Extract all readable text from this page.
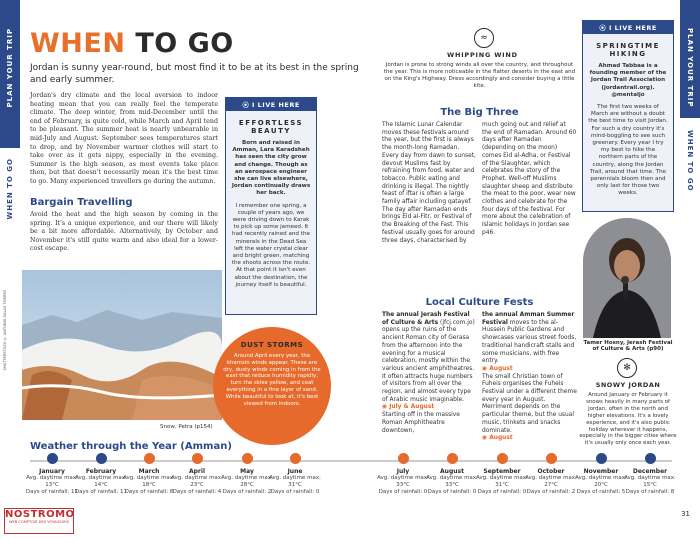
PLAN YOUR TRIP
WHEN TO GO
PLAN YOUR TRIP
WHEN TO GO
WHEN TO GO
Jordan is sunny year-round, but most find it to be at its best in the spring and early summer.
Jordan's dry climate and the local aversion to indoor heating mean that you can really feel the temperate climate. The deep winter, from mid-December until the end of February, is quite cold, while March and April tend to be pleasant. The summer heat is nearly unbearable in mid-July and August. September sees temperatures start to drop, and by November warmer clothes will start to take over as it gets nippy, especially in the evening. Summer is the high season, as most events take place then, but that doesn't necessarily mean it's the best time to go. Many experienced travellers go during the autumn.
Bargain Travelling
Avoid the heat and the high season by coming in the spring. It's a unique experience, and our there will likely be a bit more affordable. Alternatively, by October and November it's still quite warm and also ideal for a lower-cost escape.
SHUTTERSTOCK © ANTONIO SALAS TORRES
Snow, Petra (p154)
⦿ I LIVE HERE
EFFORTLESS BEAUTY
Born and raised in Amman, Lara Karadsheh has seen the city grow and change. Though as an aerospace engineer she can live elsewhere, Jordan continually draws her back.
I remember one spring, a couple of years ago, we were driving down to Karak to pick up some jameed. It had recently rained and the minerals in the Dead Sea left the water crystal clear and bright green, matching the shoots across the route. At that point it isn't even about the destination, the journey itself is beautiful.
DUST STORMS
Around April every year, the khamsin winds appear. These are dry, dusty winds coming in from the east that reduce humidity rapidly, turn the skies yellow, and coat everything in a fine layer of sand. While beautiful to look at, it's best viewed from indoors.
≈
WHIPPING WIND
Jordan is prone to strong winds all over the country, and throughout the year. This is more noticeable in the flatter deserts in the east and on the King's Highway. Dress accordingly and consider buying a little kite.
The Big Three
The Islamic Lunar Calendar moves these festivals around the year, but the first is always the month-long Ramadan. Every day from dawn to sunset, devout Muslims fast by refraining from food, water and tobacco. Public eating and drinking is illegal. The nightly feast of iftar is often a large family affair including qatayef. The day after Ramadan ends brings Eid al-Fitr, or Festival of the Breaking of the Fast. This festival usually goes for around three days, characterised by
much going out and relief at the end of Ramadan. Around 60 days after Ramadan (depending on the moon) comes Eid al-Adha, or Festival of the Slaughter, which celebrates the story of the Prophet. Well-off Muslims slaughter sheep and distribute the meat to the poor, wear new clothes and celebrate for the four days of the festival. For more about the celebration of Islamic holidays in Jordan see p46.
Local Culture Fests
The annual Jerash Festival of Culture & Arts (jfcj.com.jo) opens up the ruins of the ancient Roman city of Gerasa from the afternoon into the evening for a musical celebration, mostly within the various ancient amphitheatres. It often attracts huge numbers of visitors from all over the region, and almost every type of Arabic music imaginable.
◉ July & August
Starting off in the massive Roman Amphitheatre downtown,
the annual Amman Summer Festival moves to the al-Hussein Public Gardens and showcases various street foods, traditional handicraft stalls and some musicians, with free entry.
◉ August
The small Christian town of Fuheis organises the Fuheis Festival under a different theme every year in August. Merriment depends on the particular theme, but the usual music, trinkets and snacks dominate.
◉ August
⦿ I LIVE HERE
SPRINGTIME HIKING
Ahmad Tabbaa is a founding member of the Jordan Trail Association (jordantrail.org). @mentaljo
The first two weeks of March are without a doubt the best time to visit Jordan. For such a dry country it's mind-boggling to see such greenery. Every year I try my best to hike the northern parts of the country, along the Jordan Trail, around that time. The perennials bloom then and only last for those two weeks.
Tamer Hosny, Jerash Festival of Culture & Arts (p90)
✻
SNOWY JORDAN
Around January or February it snows heavily in many parts of Jordan, often in the north and higher elevations. It's a lovely experience, and it's also public holiday wherever it happens, especially in the bigger cities where it's usually only once each year.
Weather through the Year (Amman)
January
Avg. daytime max: 13°C
Days of rainfall: 11
February
Avg. daytime max: 14°C
Days of rainfall: 11
March
Avg. daytime max: 18°C
Days of rainfall: 8
April
Avg. daytime max: 23°C
Days of rainfall: 4
May
Avg. daytime max: 28°C
Days of rainfall: 2
June
Avg. daytime max: 31°C
Days of rainfall: 0
July
Avg. daytime max: 33°C
Days of rainfall: 0
August
Avg. daytime max: 33°C
Days of rainfall: 0
September
Avg. daytime max: 31°C
Days of rainfall: 0
October
Avg. daytime max: 27°C
Days of rainfall: 2
November
Avg. daytime max: 20°C
Days of rainfall: 5
December
Avg. daytime max: 15°C
Days of rainfall: 8
NOSTROMO
WEB COMPTOIR DES VOYAGEURS
31
